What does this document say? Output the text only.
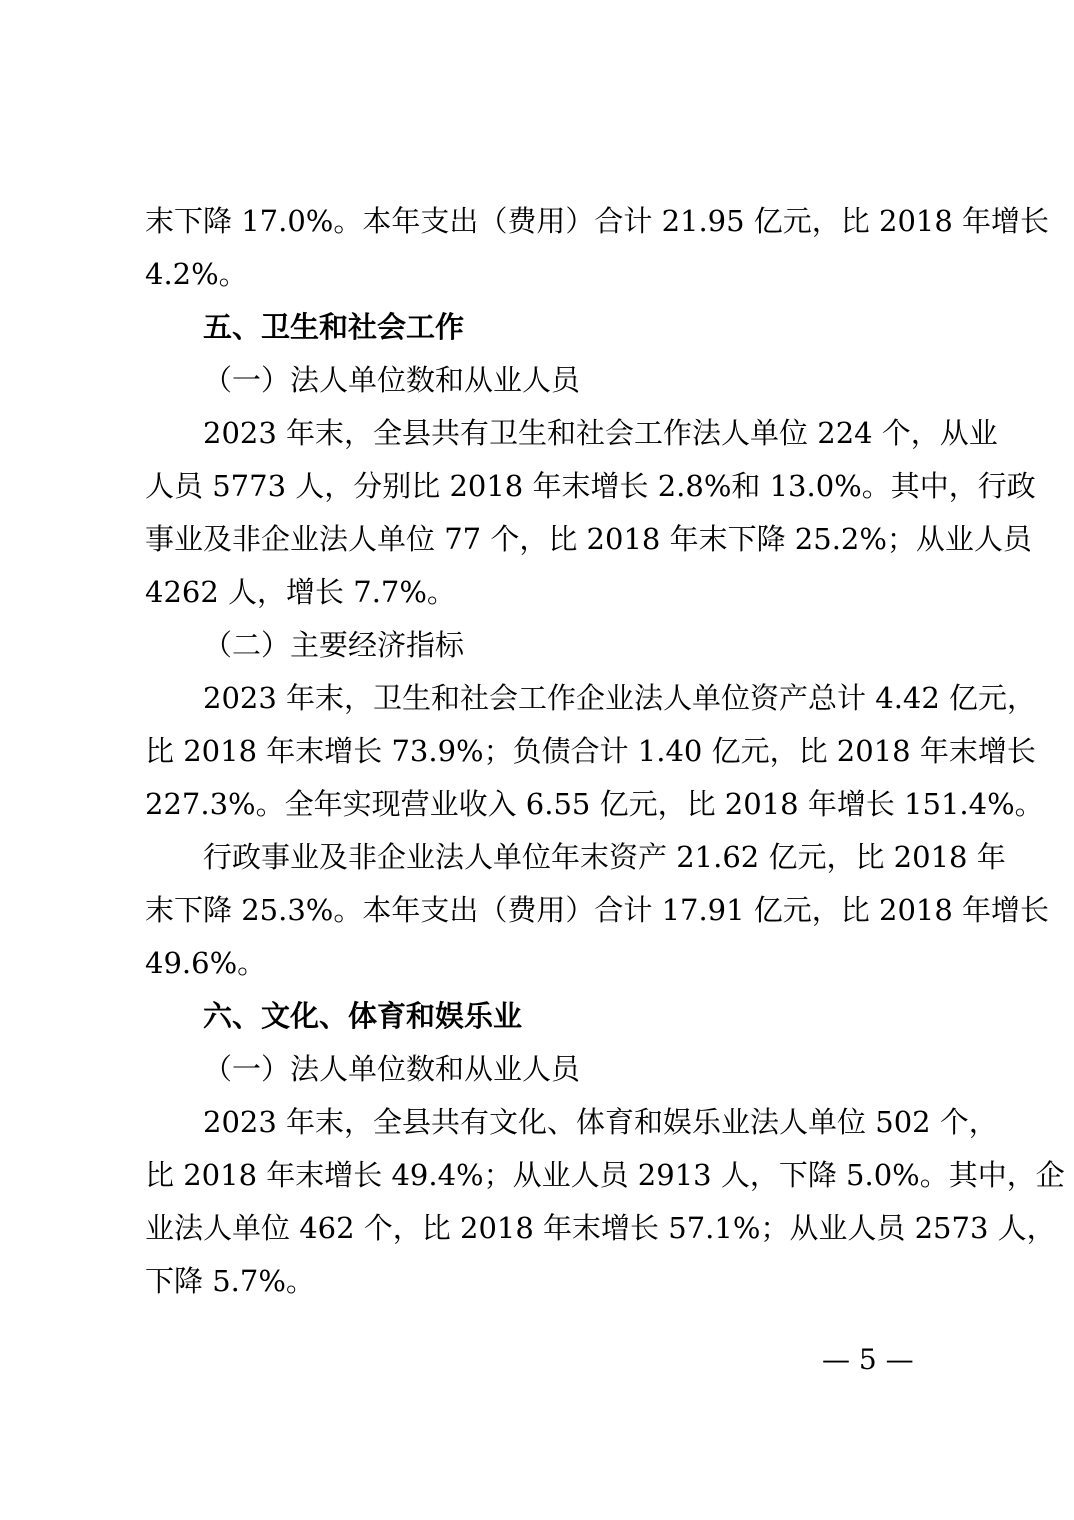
末下降 17.0%。本年支出（费用）合计 21.95 亿元，比 2018 年增长
4.2%。
五、卫生和社会工作
（一）法人单位数和从业人员
2023 年末，全县共有卫生和社会工作法人单位 224 个，从业
人员 5773 人，分别比 2018 年末增长 2.8%和 13.0%。其中，行政
事业及非企业法人单位 77 个，比 2018 年末下降 25.2%；从业人员
4262 人，增长 7.7%。
（二）主要经济指标
2023 年末，卫生和社会工作企业法人单位资产总计 4.42 亿元，
比 2018 年末增长 73.9%；负债合计 1.40 亿元，比 2018 年末增长
227.3%。全年实现营业收入 6.55 亿元，比 2018 年增长 151.4%。
行政事业及非企业法人单位年末资产 21.62 亿元，比 2018 年
末下降 25.3%。本年支出（费用）合计 17.91 亿元，比 2018 年增长
49.6%。
六、文化、体育和娱乐业
（一）法人单位数和从业人员
2023 年末，全县共有文化、体育和娱乐业法人单位 502 个，
比 2018 年末增长 49.4%；从业人员 2913 人，下降 5.0%。其中，企
业法人单位 462 个，比 2018 年末增长 57.1%；从业人员 2573 人，
下降 5.7%。
— 5 —
